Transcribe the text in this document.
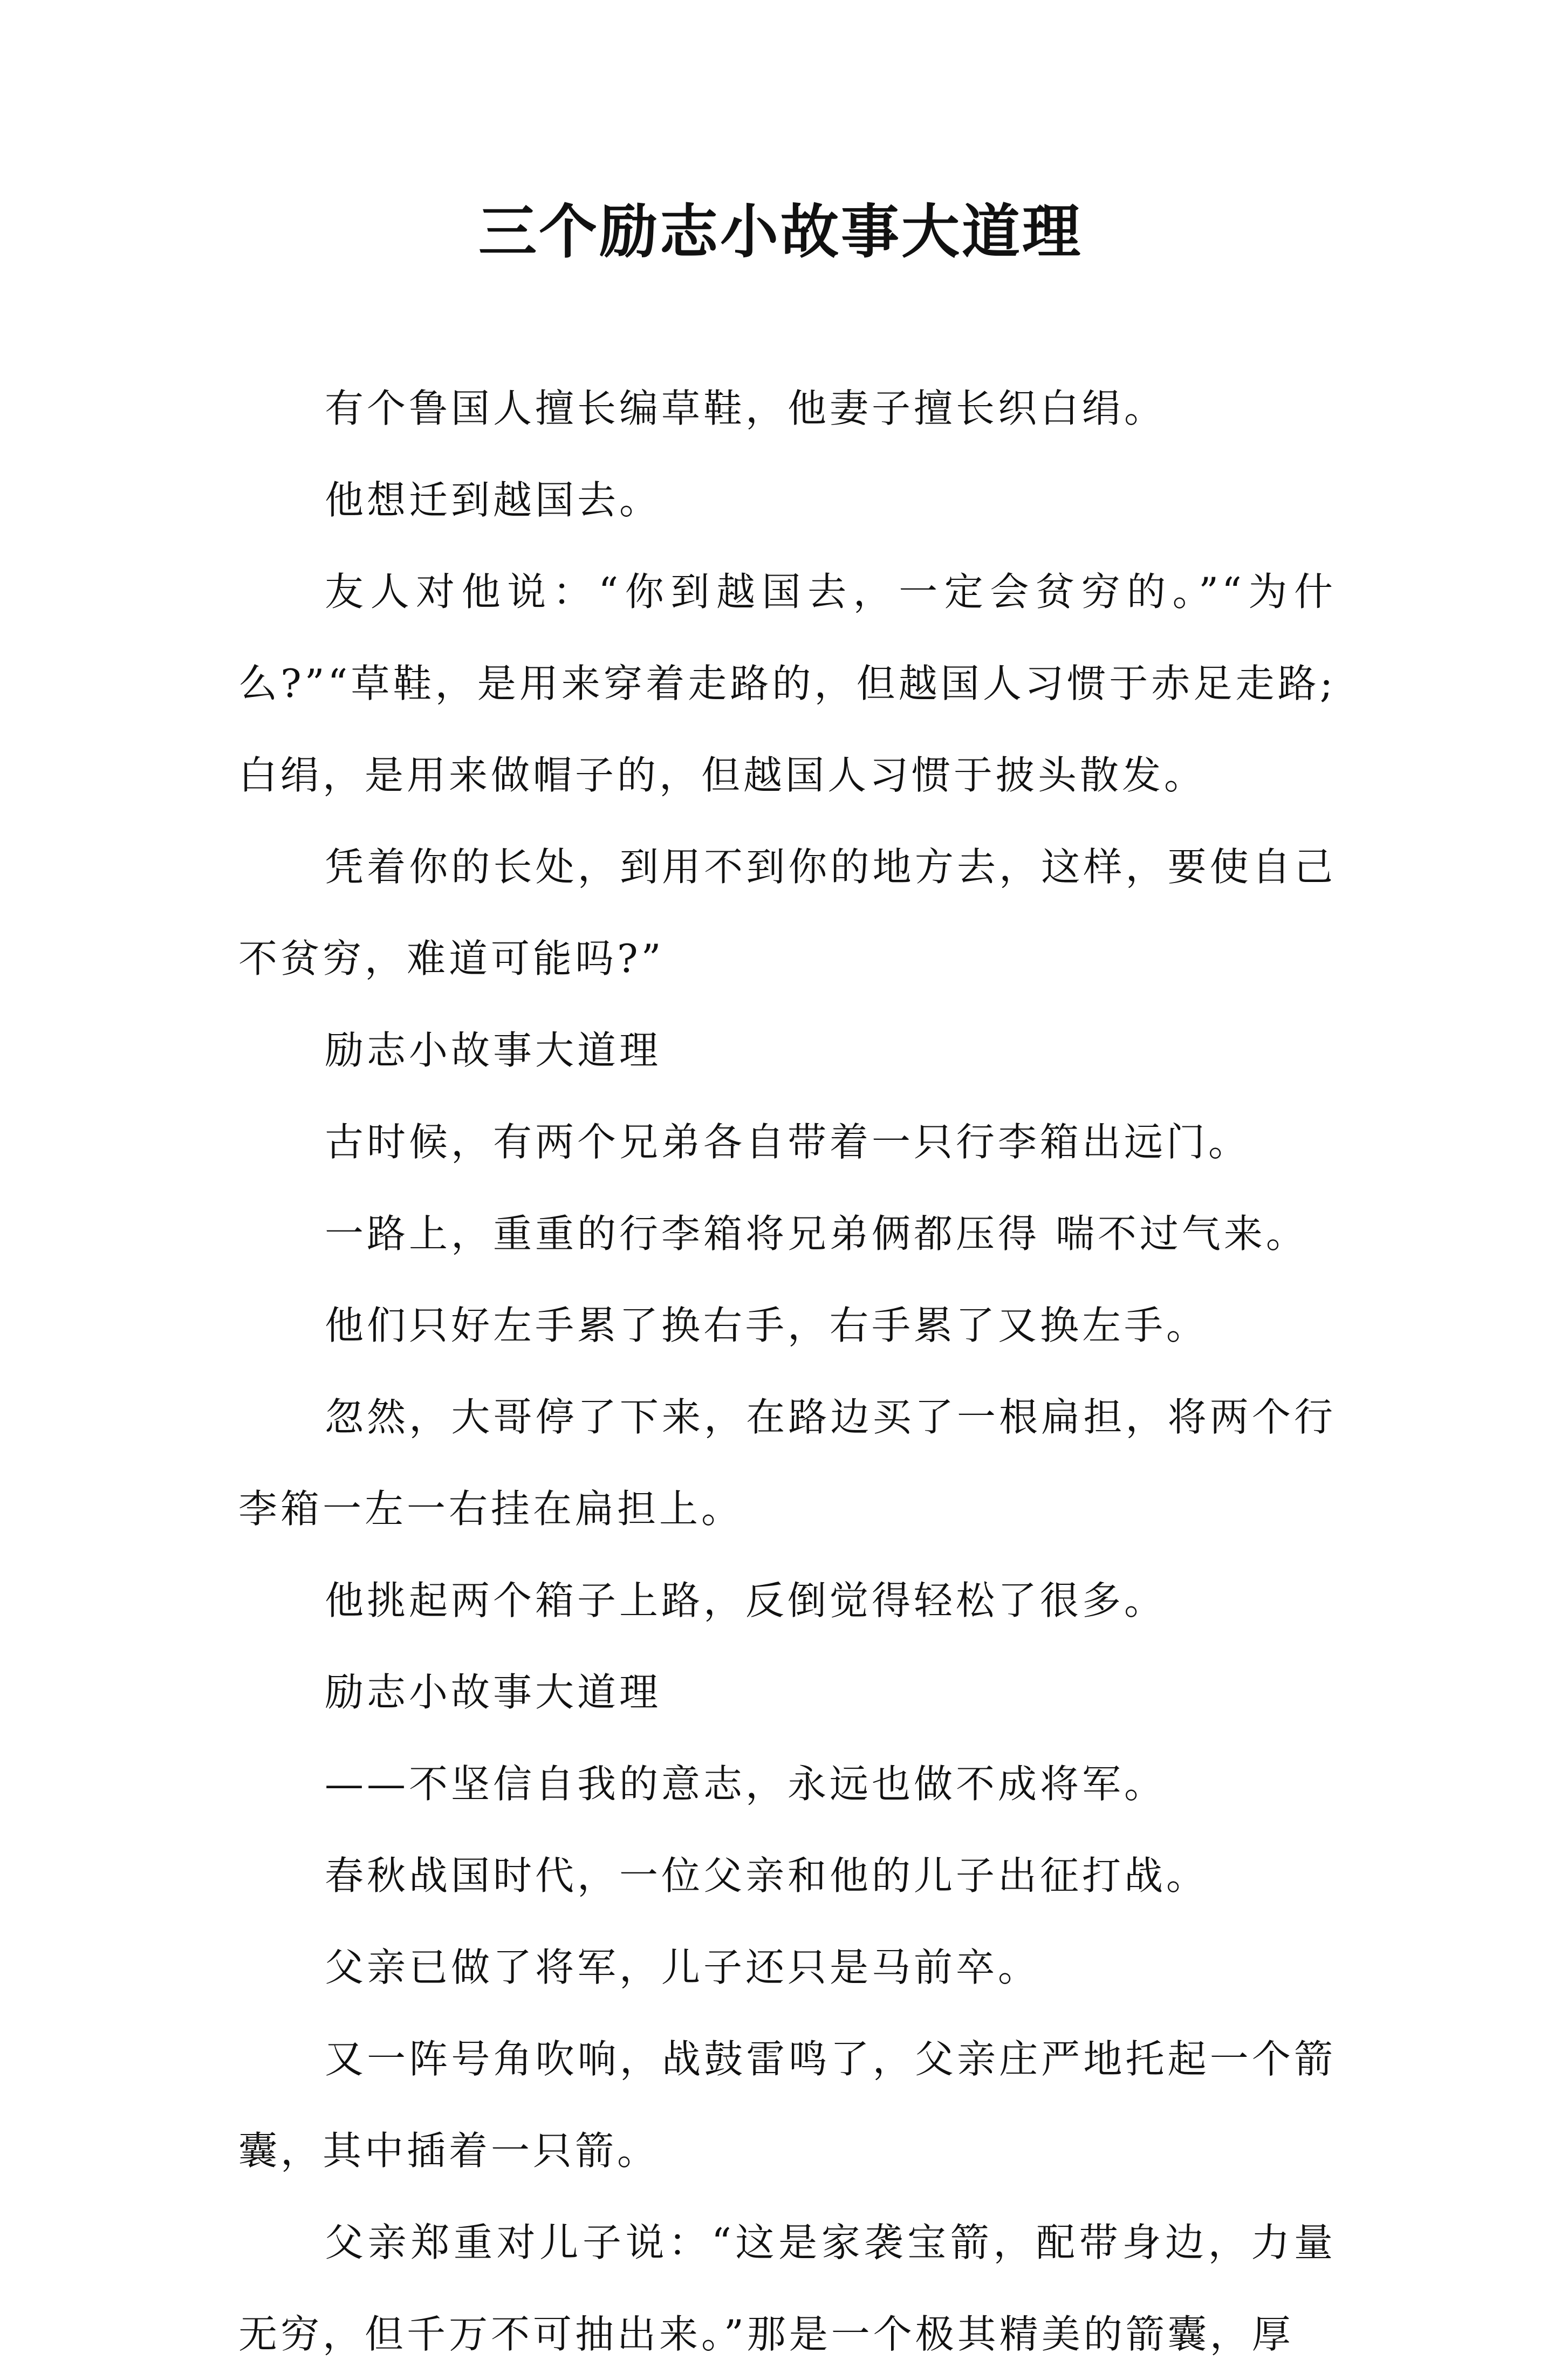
三个励志小故事大道理

有个鲁国人擅长编草鞋，他妻子擅长织白绢。

他想迁到越国去。

友人对他说：“你到越国去，一定会贫穷的。”“为什么?”“草鞋，是用来穿着走路的，但越国人习惯于赤足走路;白绢，是用来做帽子的，但越国人习惯于披头散发。

凭着你的长处，到用不到你的地方去，这样，要使自己不贫穷，难道可能吗?”

励志小故事大道理

古时候，有两个兄弟各自带着一只行李箱出远门。

一路上，重重的行李箱将兄弟俩都压得 喘不过气来。

他们只好左手累了换右手，右手累了又换左手。

忽然，大哥停了下来，在路边买了一根扁担，将两个行李箱一左一右挂在扁担上。

他挑起两个箱子上路，反倒觉得轻松了很多。

励志小故事大道理

——不坚信自我的意志，永远也做不成将军。

春秋战国时代，一位父亲和他的儿子出征打战。

父亲已做了将军，儿子还只是马前卒。

又一阵号角吹响，战鼓雷鸣了，父亲庄严地托起一个箭囊，其中插着一只箭。

父亲郑重对儿子说：“这是家袭宝箭，配带身边，力量无穷，但千万不可抽出来。”那是一个极其精美的箭囊，厚
